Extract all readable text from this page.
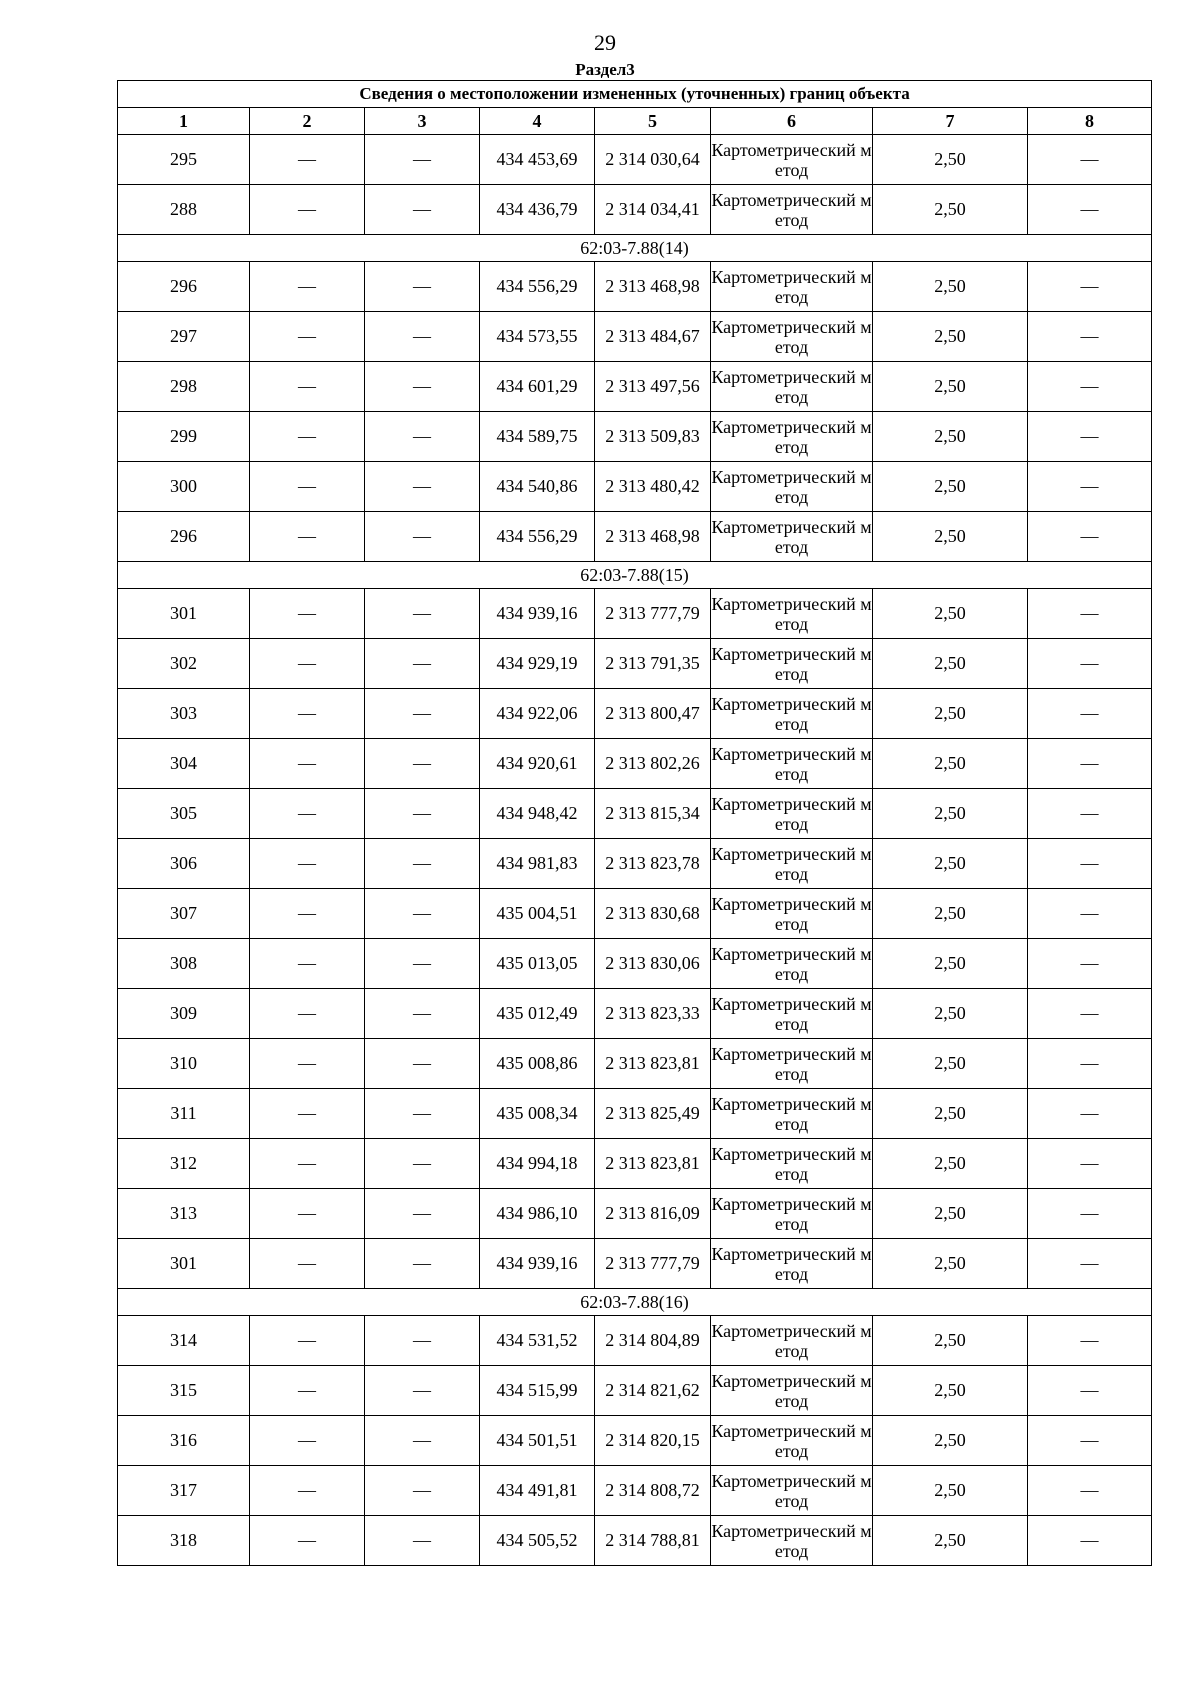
29
Раздел3
Сведения о местоположении измененных (уточненных) границ объекта							
1	2	3	4	5	6	7	8
295	—	—	434 453,69	2 314 030,64	Картометрический метод	2,50	—
288	—	—	434 436,79	2 314 034,41	Картометрический метод	2,50	—
62:03-7.88(14)							
296	—	—	434 556,29	2 313 468,98	Картометрический метод	2,50	—
297	—	—	434 573,55	2 313 484,67	Картометрический метод	2,50	—
298	—	—	434 601,29	2 313 497,56	Картометрический метод	2,50	—
299	—	—	434 589,75	2 313 509,83	Картометрический метод	2,50	—
300	—	—	434 540,86	2 313 480,42	Картометрический метод	2,50	—
296	—	—	434 556,29	2 313 468,98	Картометрический метод	2,50	—
62:03-7.88(15)							
301	—	—	434 939,16	2 313 777,79	Картометрический метод	2,50	—
302	—	—	434 929,19	2 313 791,35	Картометрический метод	2,50	—
303	—	—	434 922,06	2 313 800,47	Картометрический метод	2,50	—
304	—	—	434 920,61	2 313 802,26	Картометрический метод	2,50	—
305	—	—	434 948,42	2 313 815,34	Картометрический метод	2,50	—
306	—	—	434 981,83	2 313 823,78	Картометрический метод	2,50	—
307	—	—	435 004,51	2 313 830,68	Картометрический метод	2,50	—
308	—	—	435 013,05	2 313 830,06	Картометрический метод	2,50	—
309	—	—	435 012,49	2 313 823,33	Картометрический метод	2,50	—
310	—	—	435 008,86	2 313 823,81	Картометрический метод	2,50	—
311	—	—	435 008,34	2 313 825,49	Картометрический метод	2,50	—
312	—	—	434 994,18	2 313 823,81	Картометрический метод	2,50	—
313	—	—	434 986,10	2 313 816,09	Картометрический метод	2,50	—
301	—	—	434 939,16	2 313 777,79	Картометрический метод	2,50	—
62:03-7.88(16)							
314	—	—	434 531,52	2 314 804,89	Картометрический метод	2,50	—
315	—	—	434 515,99	2 314 821,62	Картометрический метод	2,50	—
316	—	—	434 501,51	2 314 820,15	Картометрический метод	2,50	—
317	—	—	434 491,81	2 314 808,72	Картометрический метод	2,50	—
318	—	—	434 505,52	2 314 788,81	Картометрический метод	2,50	—
